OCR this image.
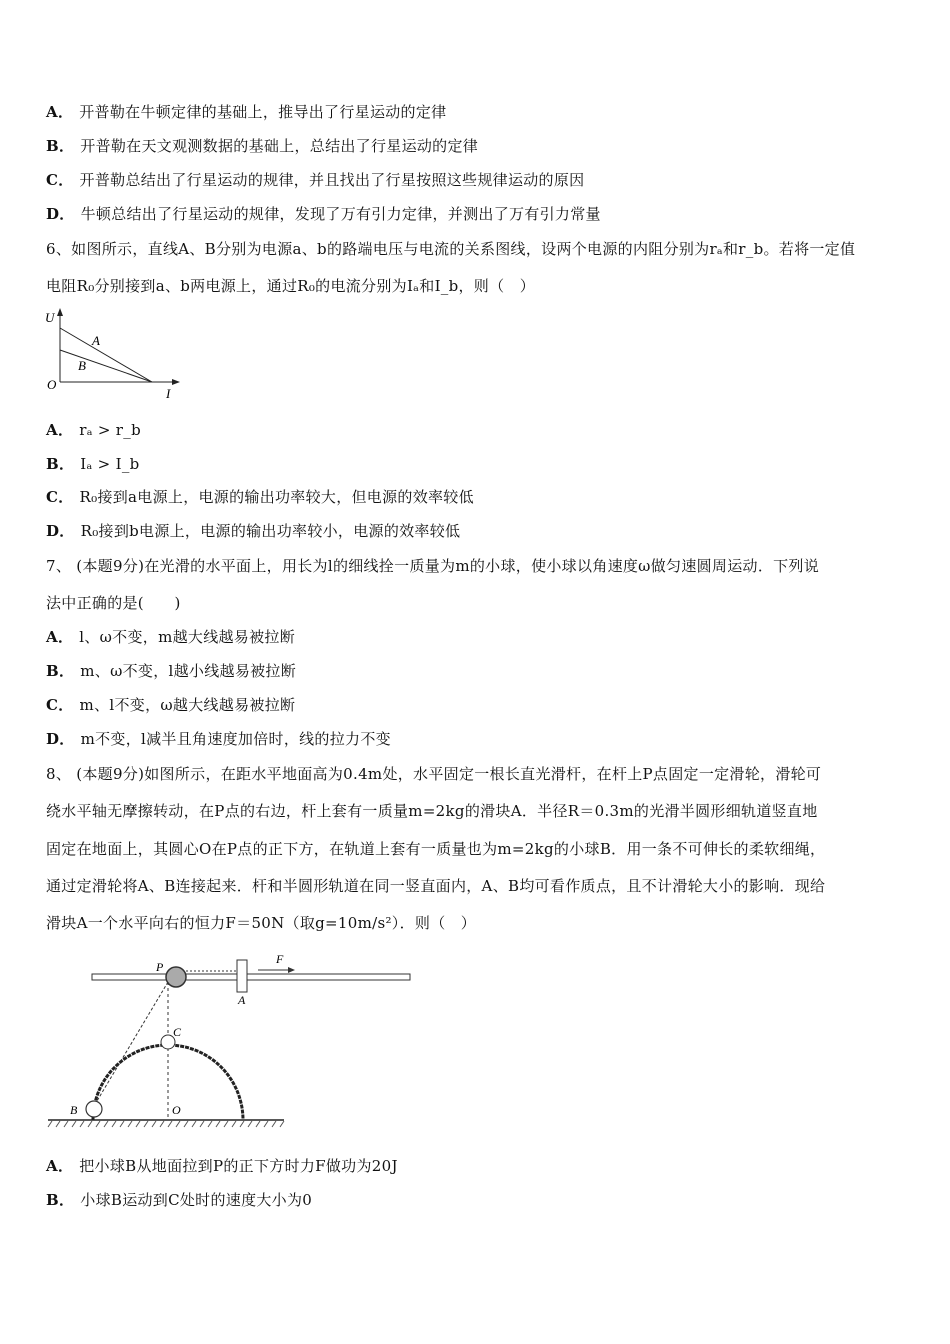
A． 开普勒在牛顿定律的基础上，推导出了行星运动的定律
B． 开普勒在天文观测数据的基础上，总结出了行星运动的定律
C． 开普勒总结出了行星运动的规律，并且找出了行星按照这些规律运动的原因
D． 牛顿总结出了行星运动的规律，发现了万有引力定律，并测出了万有引力常量
6、如图所示，直线A、B分别为电源a、b的路端电压与电流的关系图线，设两个电源的内阻分别为rₐ和r_b。若将一定值
电阻R₀分别接到a、b两电源上，通过R₀的电流分别为Iₐ和I_b，则（　）
U
A
B
O
I
A． rₐ > r_b
B． Iₐ > I_b
C． R₀接到a电源上，电源的输出功率较大，但电源的效率较低
D． R₀接到b电源上，电源的输出功率较小，电源的效率较低
7、 (本题9分)在光滑的水平面上，用长为l的细线拴一质量为m的小球，使小球以角速度ω做匀速圆周运动．下列说
法中正确的是(　　)
A． l、ω不变，m越大线越易被拉断
B． m、ω不变，l越小线越易被拉断
C． m、l不变，ω越大线越易被拉断
D． m不变，l减半且角速度加倍时，线的拉力不变
8、 (本题9分)如图所示，在距水平地面高为0.4m处，水平固定一根长直光滑杆，在杆上P点固定一定滑轮，滑轮可
绕水平轴无摩擦转动，在P点的右边，杆上套有一质量m=2kg的滑块A．半径R＝0.3m的光滑半圆形细轨道竖直地
固定在地面上，其圆心O在P点的正下方，在轨道上套有一质量也为m=2kg的小球B．用一条不可伸长的柔软细绳，
通过定滑轮将A、B连接起来．杆和半圆形轨道在同一竖直面内，A、B均可看作质点，且不计滑轮大小的影响．现给
滑块A一个水平向右的恒力F＝50N（取g=10m/s²）．则（　）
P
A
F
C
B	O
A． 把小球B从地面拉到P的正下方时力F做功为20J
B． 小球B运动到C处时的速度大小为0
